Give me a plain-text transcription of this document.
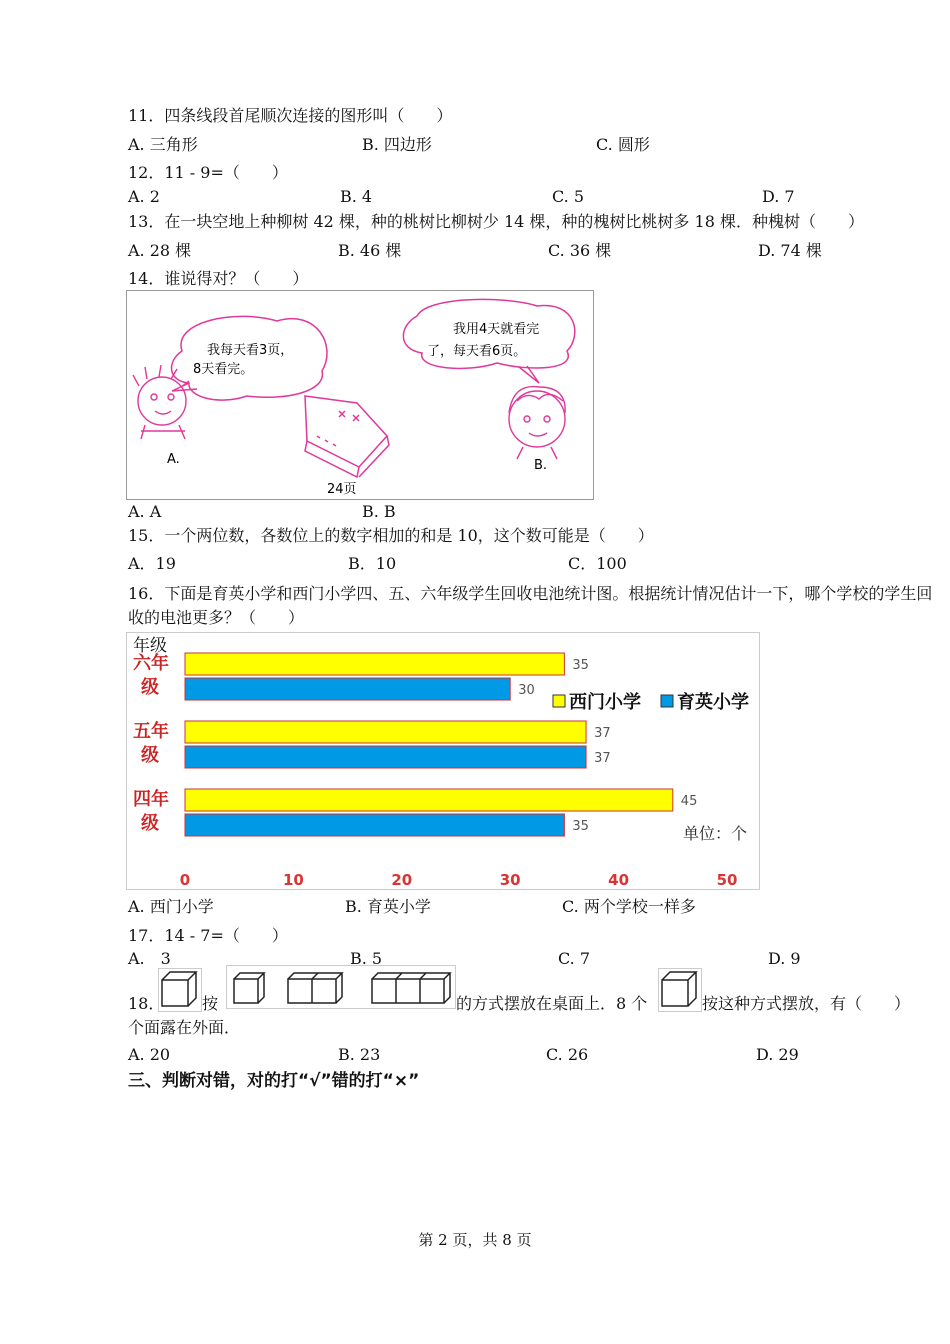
11．四条线段首尾顺次连接的图形叫（　　）
A. 三角形	B. 四边形	C. 圆形
12．11 - 9=（　　）
A. 2	B. 4	C. 5	D. 7
13．在一块空地上种柳树 42 棵，种的桃树比柳树少 14 棵，种的槐树比桃树多 18 棵．种槐树（　　）
A. 28 棵	B. 46 棵	C. 36 棵	D. 74 棵
14．谁说得对？（　　）
我每天看3页，
8天看完。
A.
24页
我用4天就看完
了，每天看6页。
B.
A. A	B. B
15．一个两位数，各数位上的数字相加的和是 10，这个数可能是（　　）
A．19	B．10	C．100
16．下面是育英小学和西门小学四、五、六年级学生回收电池统计图。根据统计情况估计一下，哪个学校的学生回收的电池更多？（　　）
年级
六年
级
35
30
五年
级
37
37
四年
级
45
35
0	10	20	30	40	50
西门小学 育英小学
单位：个
A. 西门小学	B. 育英小学	C. 两个学校一样多
17．14 - 7=（　　）
A.　3	B. 5	C. 7	D. 9
18． 按	的方式摆放在桌面上．8 个	按这种方式摆放，有（　　）
个面露在外面．
A. 20	B. 23	C. 26	D. 29
三、判断对错，对的打“√”错的打“×”
第 2 页，共 8 页
